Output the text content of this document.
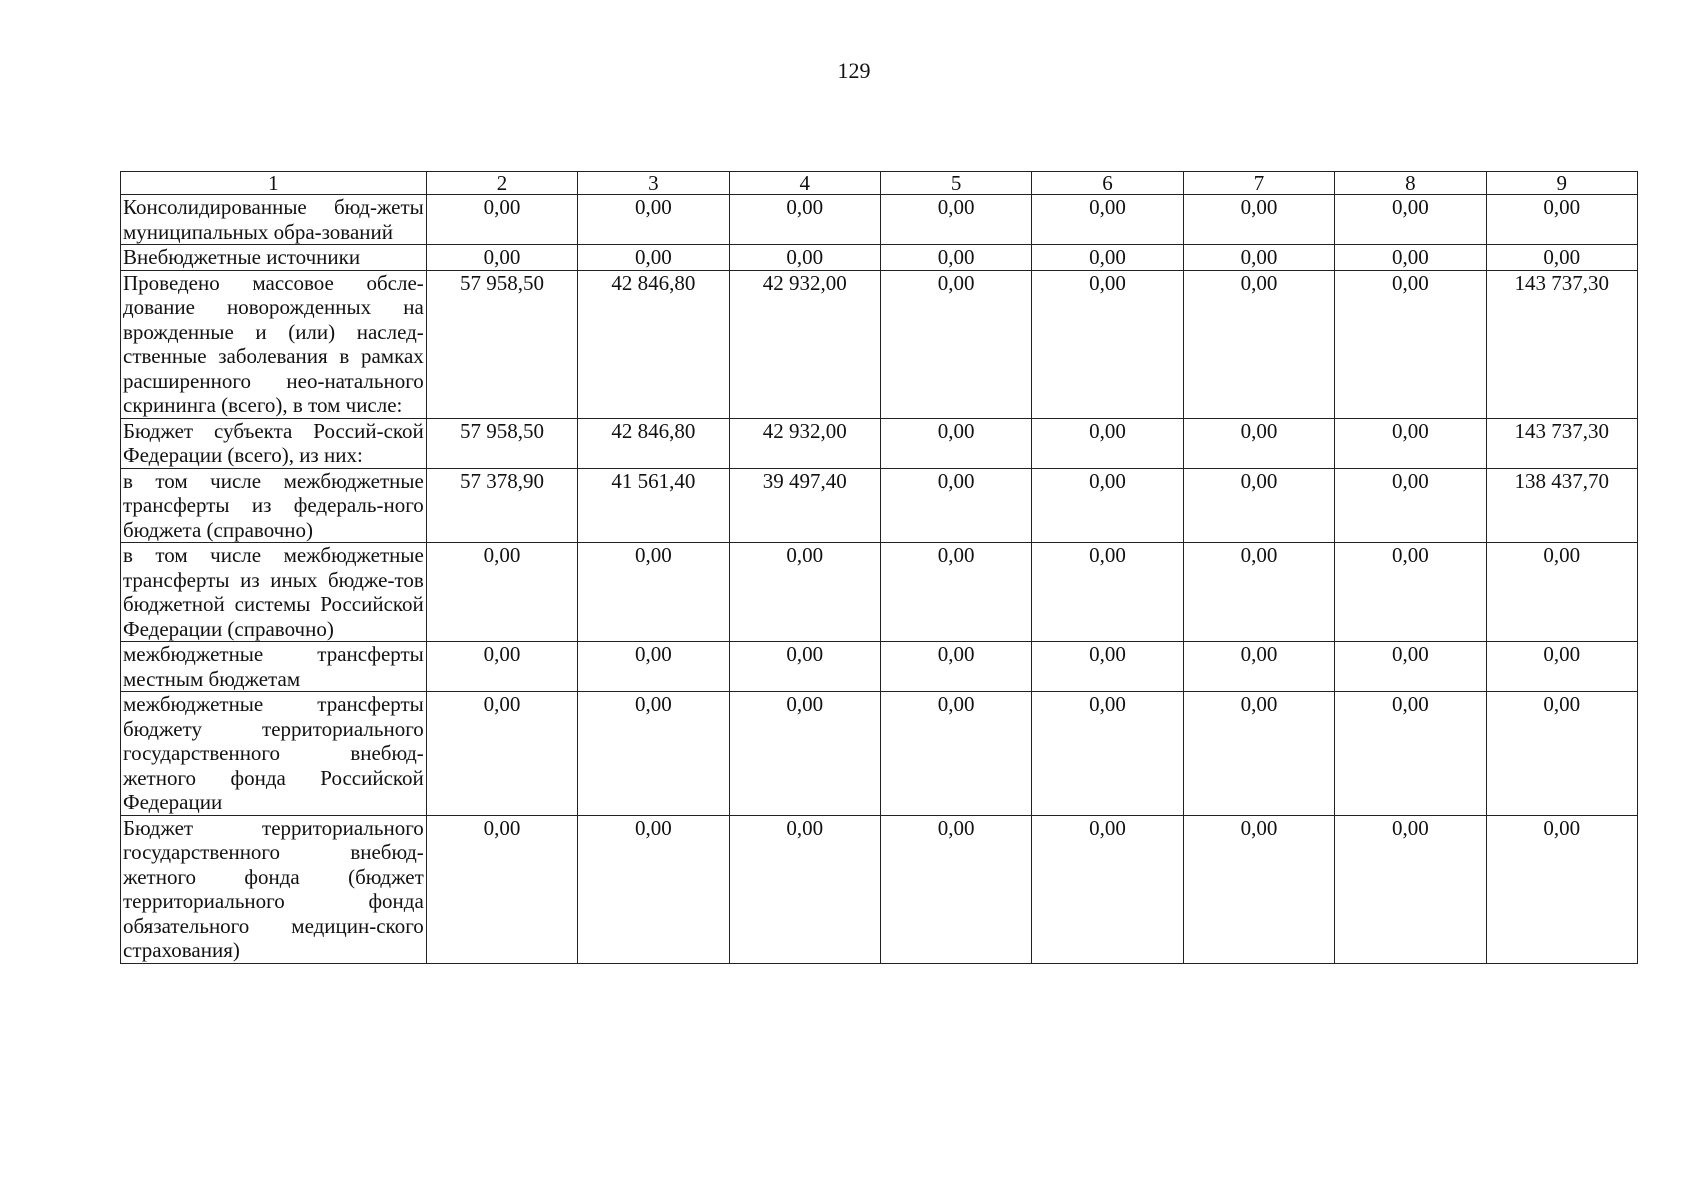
129
1	2	3	4	5	6	7	8	9
Консолидированные бюд-жеты муниципальных обра-зований	0,00	0,00	0,00	0,00	0,00	0,00	0,00	0,00
Внебюджетные источники	0,00	0,00	0,00	0,00	0,00	0,00	0,00	0,00
Проведено массовое обсле-дование новорожденных на врожденные и (или) наслед-ственные заболевания в рамках расширенного нео-натального скрининга (всего), в том числе:	57 958,50	42 846,80	42 932,00	0,00	0,00	0,00	0,00	143 737,30
Бюджет субъекта Россий-ской Федерации (всего), из них:	57 958,50	42 846,80	42 932,00	0,00	0,00	0,00	0,00	143 737,30
в том числе межбюджетные трансферты из федераль-ного бюджета (справочно)	57 378,90	41 561,40	39 497,40	0,00	0,00	0,00	0,00	138 437,70
в том числе межбюджетные трансферты из иных бюдже-тов бюджетной системы Российской Федерации (справочно)	0,00	0,00	0,00	0,00	0,00	0,00	0,00	0,00
межбюджетные трансферты местным бюджетам	0,00	0,00	0,00	0,00	0,00	0,00	0,00	0,00
межбюджетные трансферты бюджету территориального государственного внебюд-жетного фонда Российской Федерации	0,00	0,00	0,00	0,00	0,00	0,00	0,00	0,00
Бюджет территориального государственного внебюд-жетного фонда (бюджет территориального фонда обязательного медицин-ского страхования)	0,00	0,00	0,00	0,00	0,00	0,00	0,00	0,00
